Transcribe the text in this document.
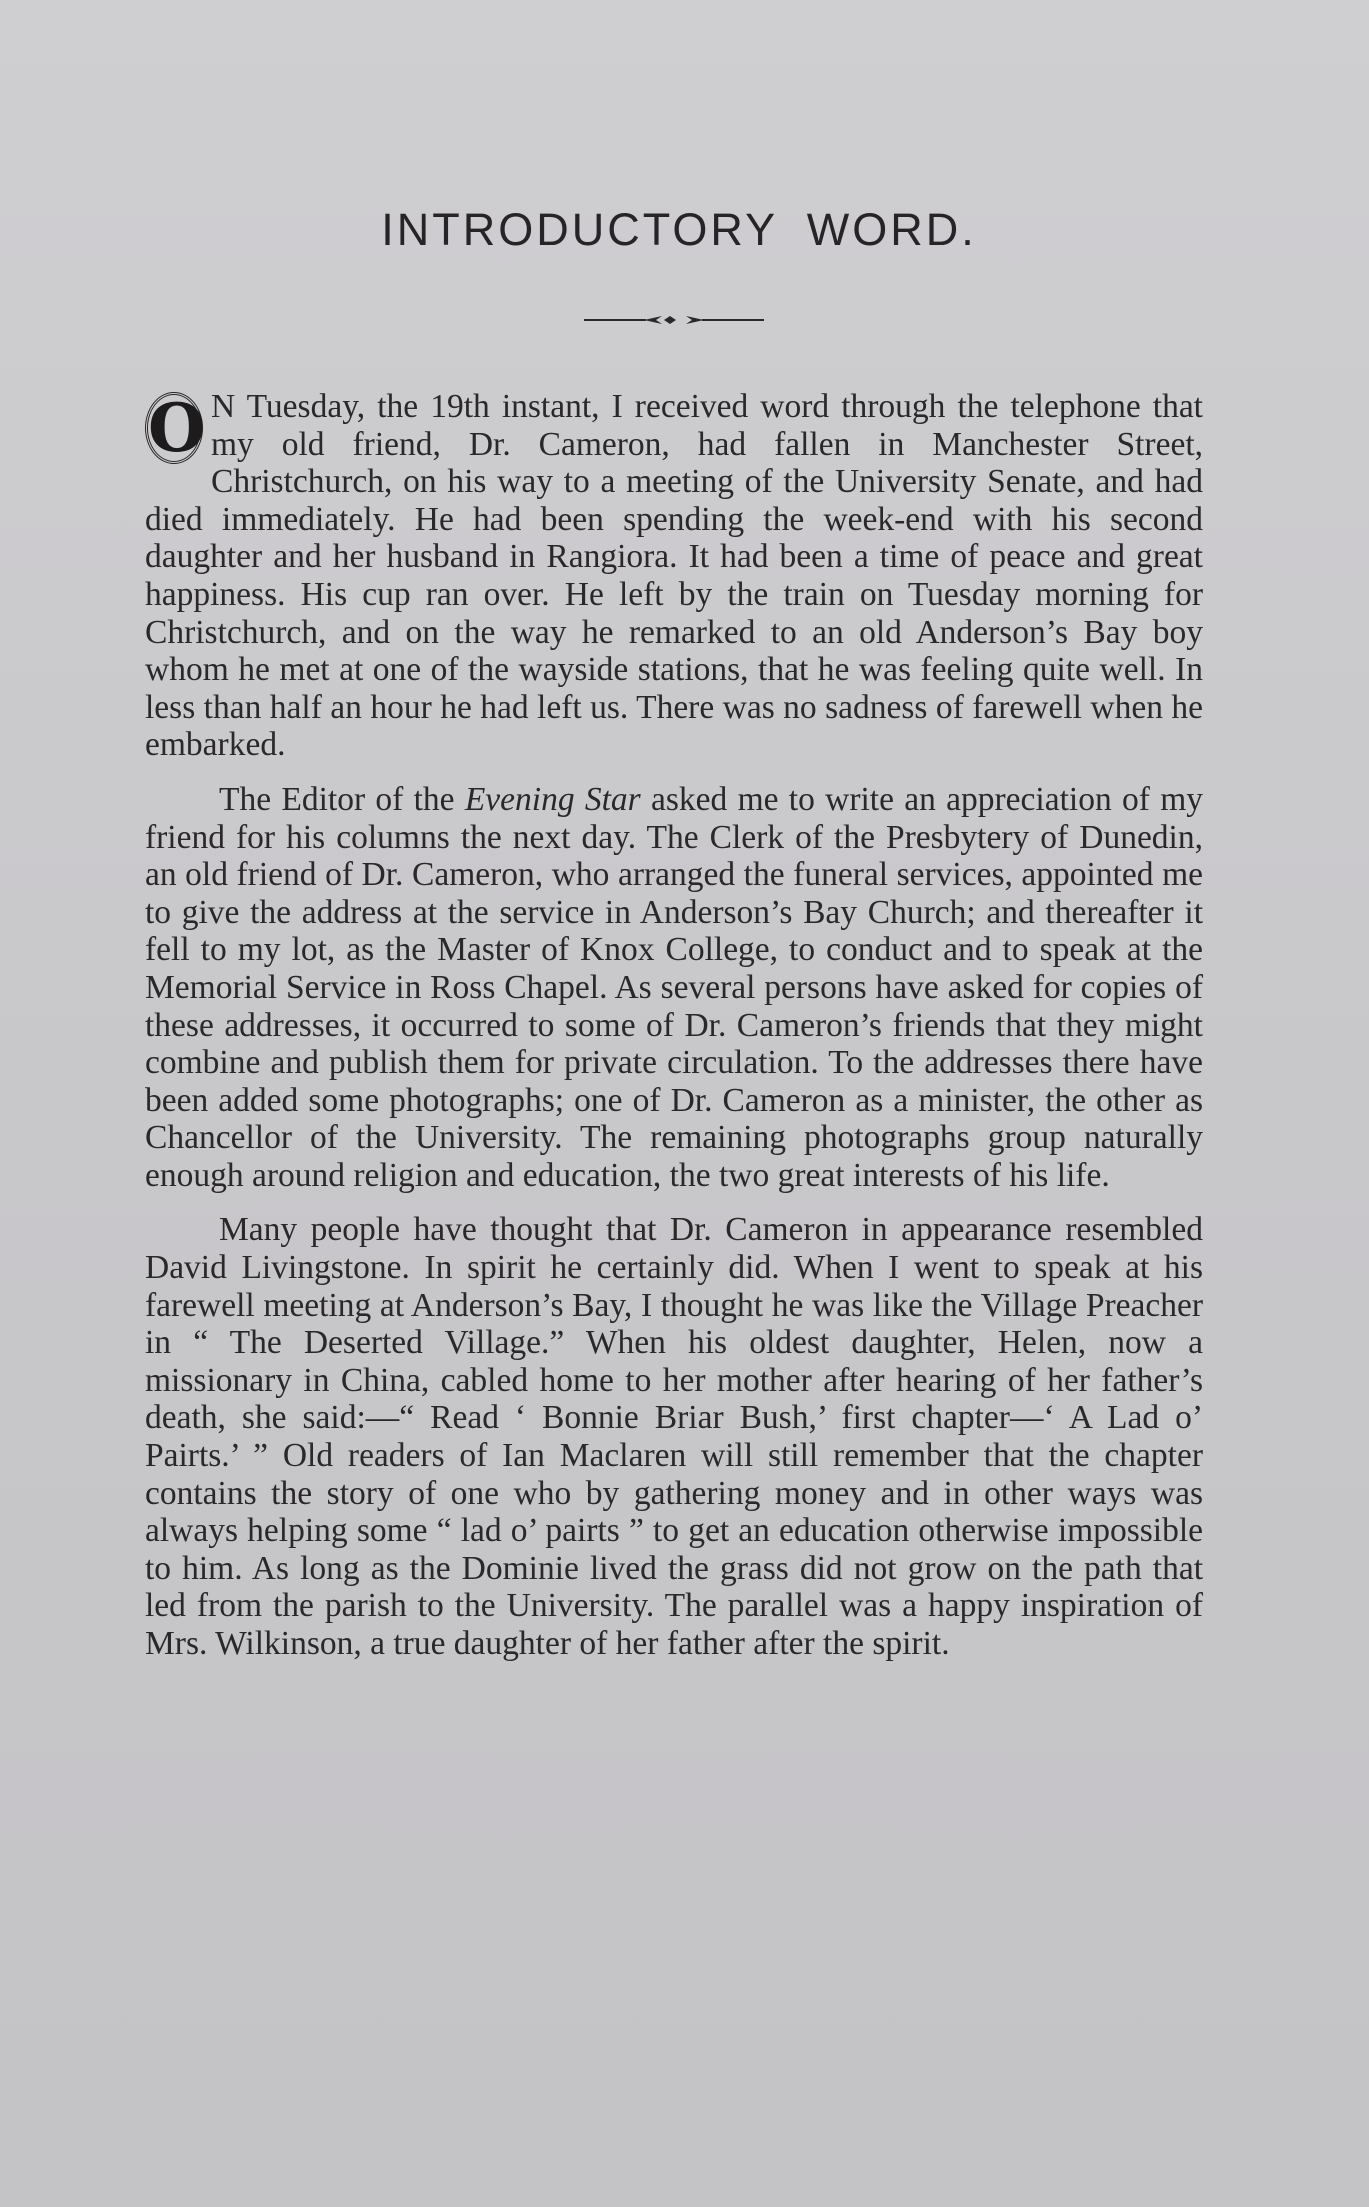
INTRODUCTORY WORD.

O N Tuesday, the 19th instant, I received word through the telephone that my old friend, Dr. Cameron, had fallen in Manchester Street, Christchurch, on his way to a meeting of the University Senate, and had died immediately. He had been spending the week-end with his second daughter and her husband in Rangiora. It had been a time of peace and great happiness. His cup ran over. He left by the train on Tuesday morning for Christchurch, and on the way he remarked to an old Anderson’s Bay boy whom he met at one of the wayside stations, that he was feeling quite well. In less than half an hour he had left us. There was no sadness of farewell when he embarked.

The Editor of the Evening Star asked me to write an appreciation of my friend for his columns the next day. The Clerk of the Presbytery of Dunedin, an old friend of Dr. Cameron, who arranged the funeral services, appointed me to give the address at the service in Anderson’s Bay Church; and thereafter it fell to my lot, as the Master of Knox College, to conduct and to speak at the Memorial Service in Ross Chapel. As several persons have asked for copies of these addresses, it occurred to some of Dr. Cameron’s friends that they might combine and publish them for private circulation. To the addresses there have been added some photographs; one of Dr. Cameron as a minister, the other as Chancellor of the University. The remaining photographs group naturally enough around religion and education, the two great interests of his life.

Many people have thought that Dr. Cameron in appearance resembled David Livingstone. In spirit he certainly did. When I went to speak at his farewell meeting at Anderson’s Bay, I thought he was like the Village Preacher in “ The Deserted Village.” When his oldest daughter, Helen, now a missionary in China, cabled home to her mother after hearing of her father’s death, she said:—“ Read ‘ Bonnie Briar Bush,’ first chapter—‘ A Lad o’ Pairts.’ ” Old readers of Ian Maclaren will still remember that the chapter contains the story of one who by gathering money and in other ways was always helping some “ lad o’ pairts ” to get an education otherwise impossible to him. As long as the Dominie lived the grass did not grow on the path that led from the parish to the University. The parallel was a happy inspiration of Mrs. Wilkinson, a true daughter of her father after the spirit.
